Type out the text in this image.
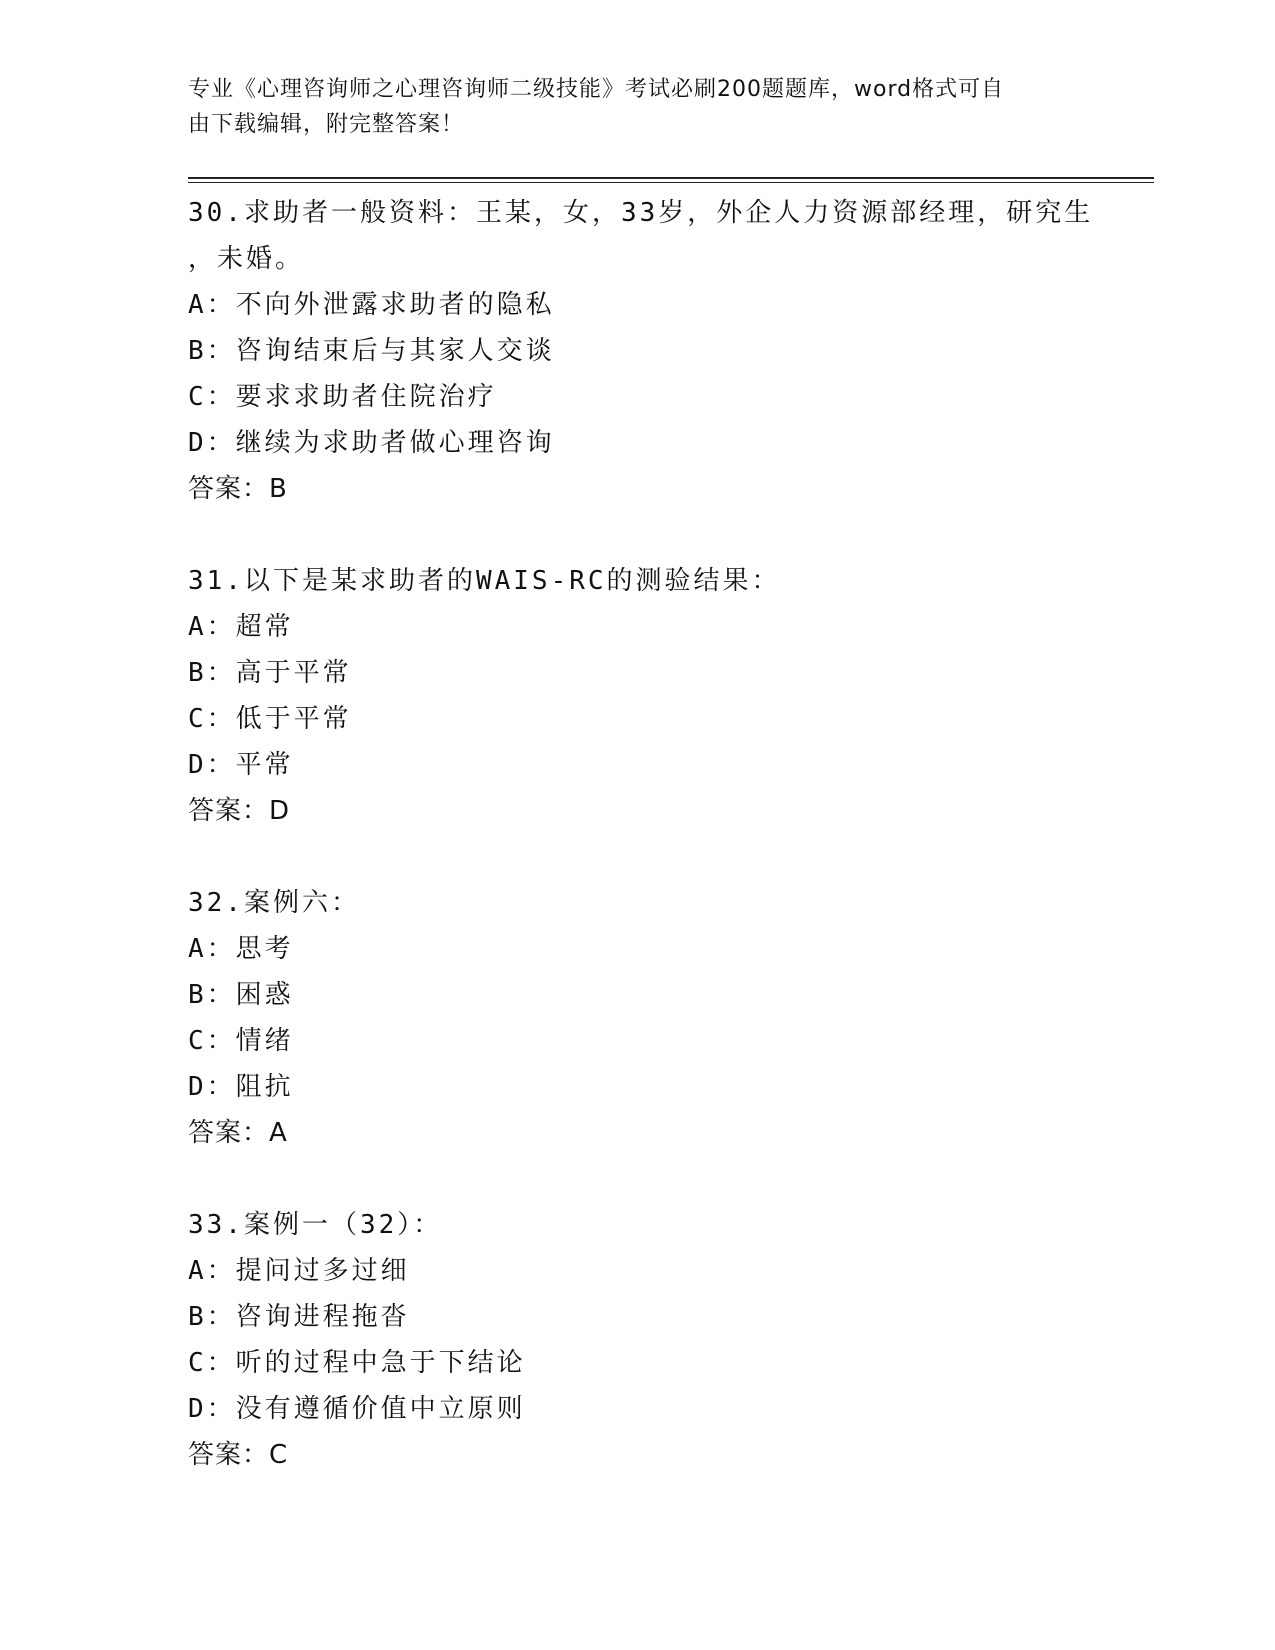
专业《心理咨询师之心理咨询师二级技能》考试必刷200题题库，word格式可自
由下载编辑，附完整答案！
30.求助者一般资料：王某，女，33岁，外企人力资源部经理，研究生
，未婚。
A：不向外泄露求助者的隐私
B：咨询结束后与其家人交谈
C：要求求助者住院治疗
D：继续为求助者做心理咨询
答案：B
31.以下是某求助者的WAIS-RC的测验结果：
A：超常
B：高于平常
C：低于平常
D：平常
答案：D
32.案例六：
A：思考
B：困惑
C：情绪
D：阻抗
答案：A
33.案例一（32）：
A：提问过多过细
B：咨询进程拖沓
C：听的过程中急于下结论
D：没有遵循价值中立原则
答案：C
